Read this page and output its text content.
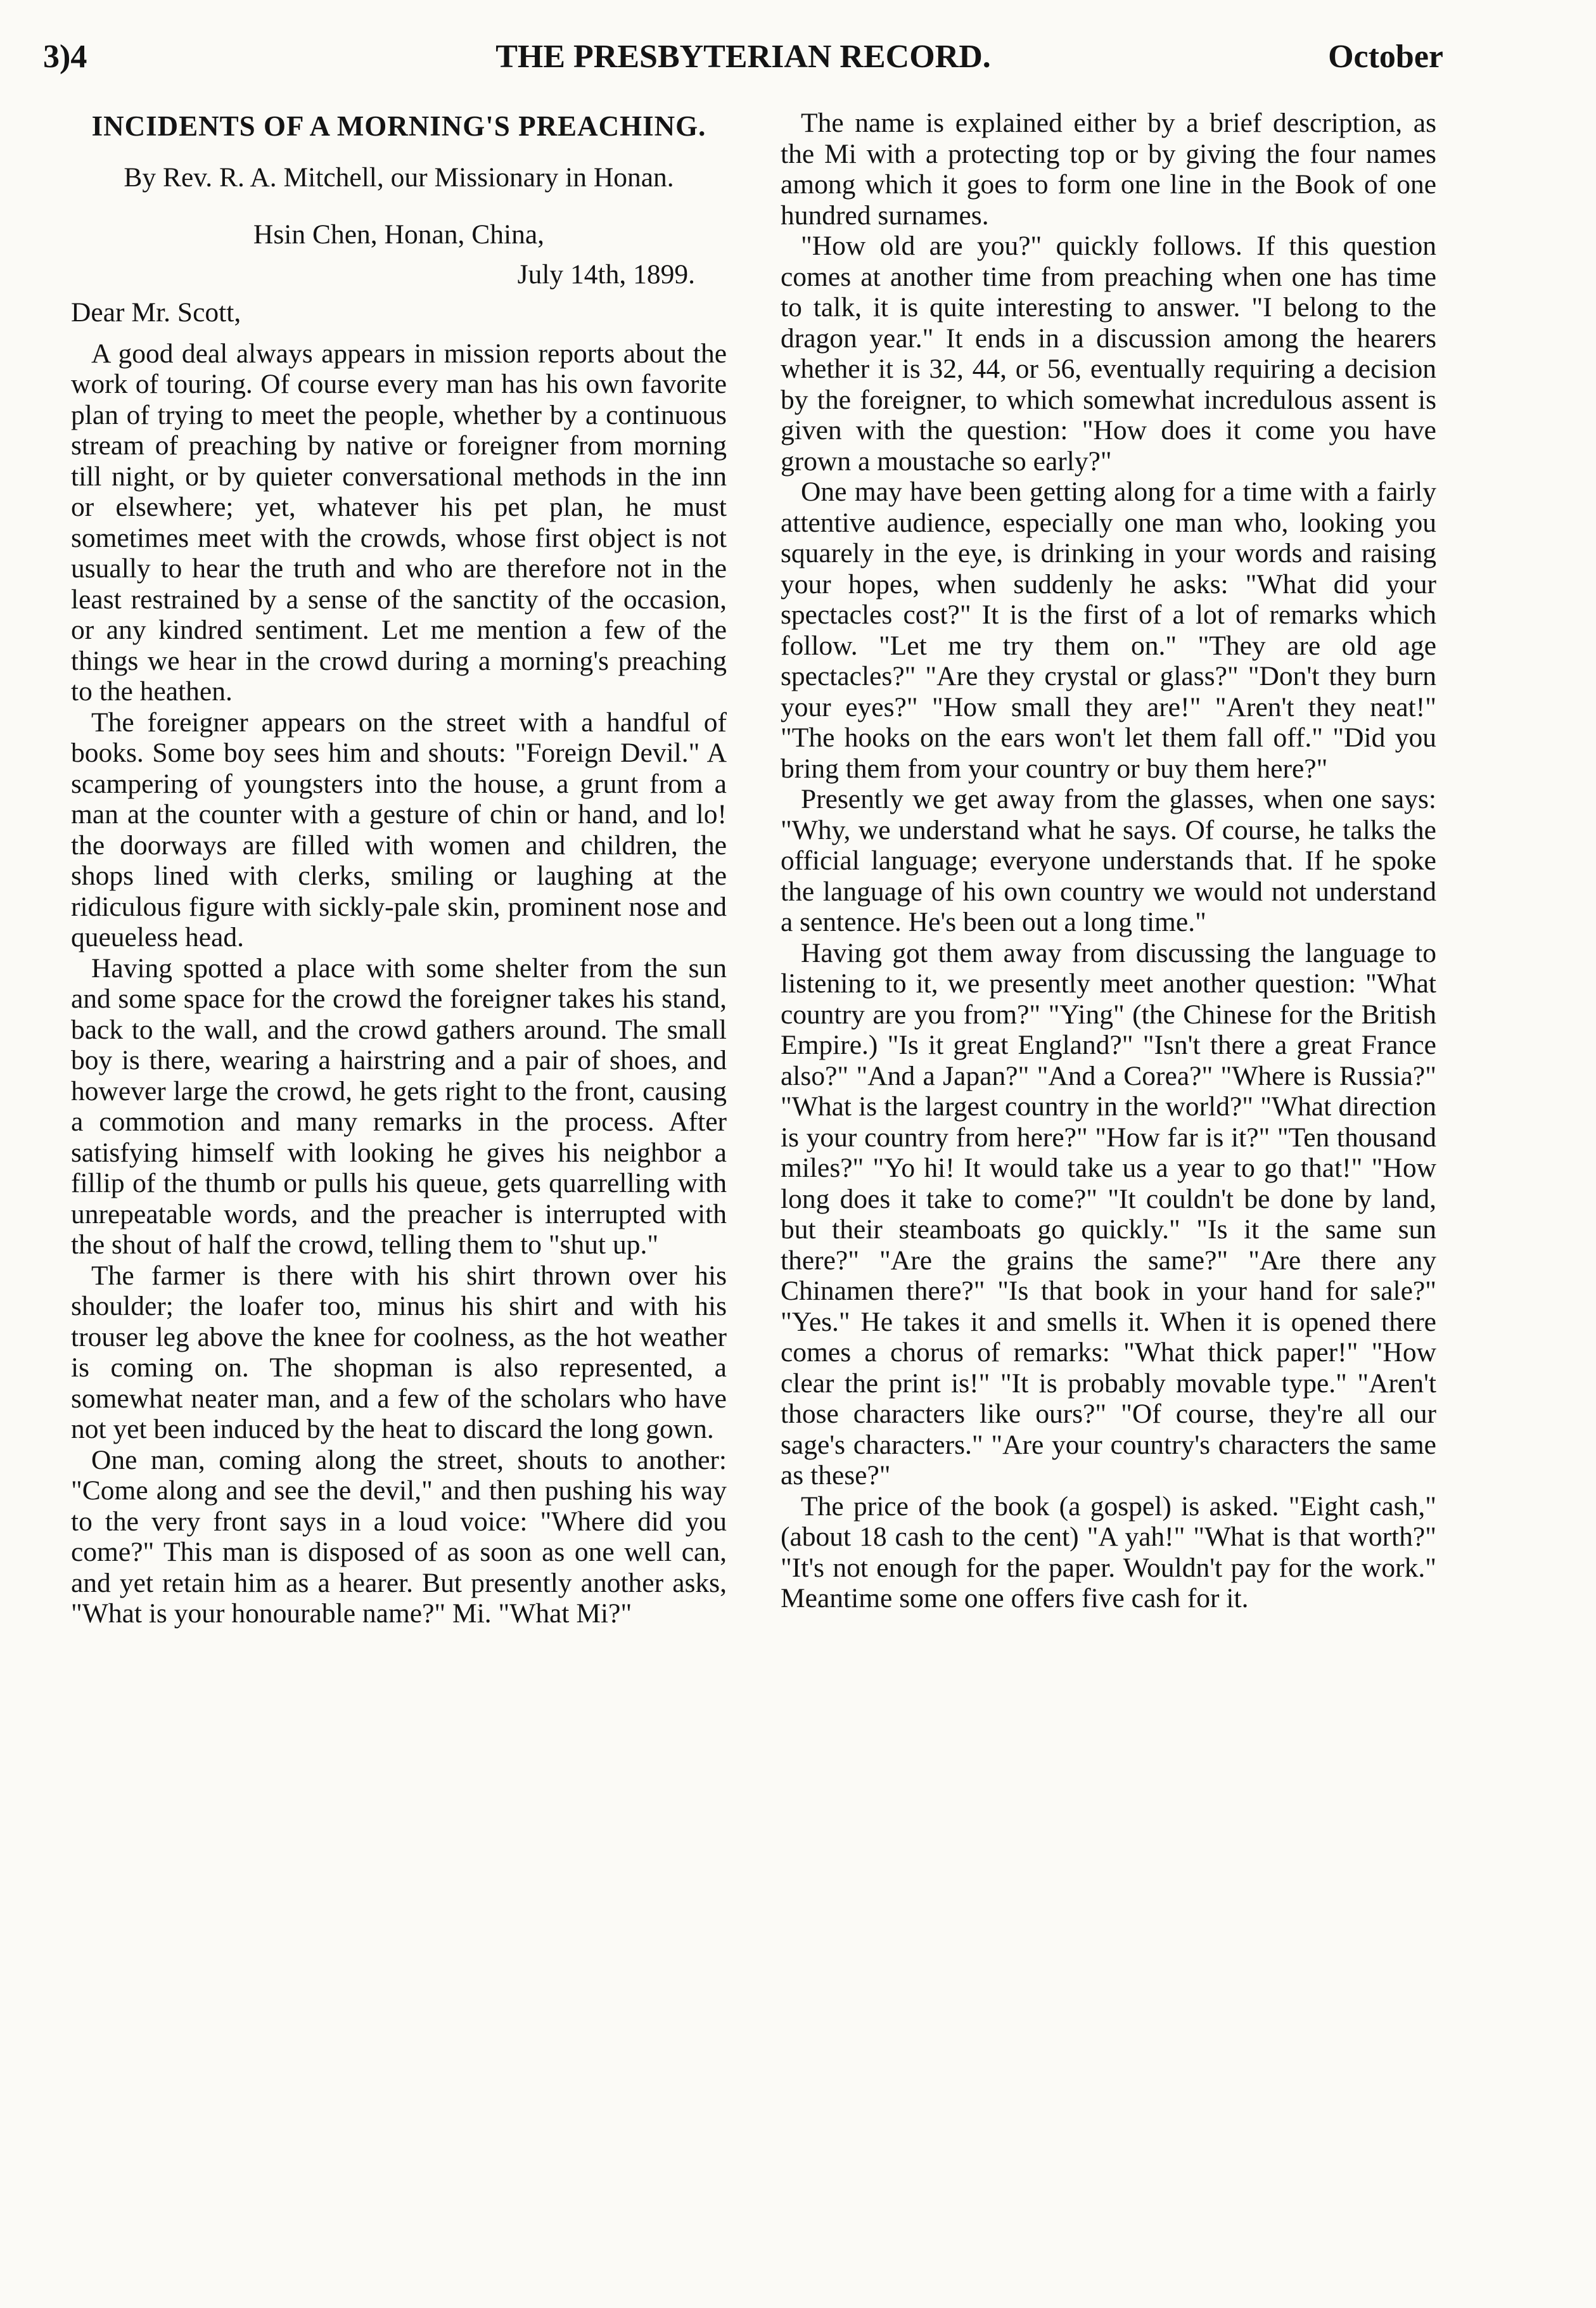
3)4	THE PRESBYTERIAN RECORD.	October
INCIDENTS OF A MORNING'S PREACHING.
By Rev. R. A. Mitchell, our Missionary in Honan.
Hsin Chen, Honan, China,
July 14th, 1899.
Dear Mr. Scott,

A good deal always appears in mission reports about the work of touring. Of course every man has his own favorite plan of trying to meet the people, whether by a continuous stream of preaching by native or foreigner from morning till night, or by quieter conversational methods in the inn or elsewhere; yet, whatever his pet plan, he must sometimes meet with the crowds, whose first object is not usually to hear the truth and who are therefore not in the least restrained by a sense of the sanctity of the occasion, or any kindred sentiment. Let me mention a few of the things we hear in the crowd during a morning's preaching to the heathen.

The foreigner appears on the street with a handful of books. Some boy sees him and shouts: "Foreign Devil." A scampering of youngsters into the house, a grunt from a man at the counter with a gesture of chin or hand, and lo! the doorways are filled with women and children, the shops lined with clerks, smiling or laughing at the ridiculous figure with sickly-pale skin, prominent nose and queueless head.

Having spotted a place with some shelter from the sun and some space for the crowd the foreigner takes his stand, back to the wall, and the crowd gathers around. The small boy is there, wearing a hairstring and a pair of shoes, and however large the crowd, he gets right to the front, causing a commotion and many remarks in the process. After satisfying himself with looking he gives his neighbor a fillip of the thumb or pulls his queue, gets quarrelling with unrepeatable words, and the preacher is interrupted with the shout of half the crowd, telling them to "shut up."

The farmer is there with his shirt thrown over his shoulder; the loafer too, minus his shirt and with his trouser leg above the knee for coolness, as the hot weather is coming on. The shopman is also represented, a somewhat neater man, and a few of the scholars who have not yet been induced by the heat to discard the long gown.

One man, coming along the street, shouts to another: "Come along and see the devil," and then pushing his way to the very front says in a loud voice: "Where did you come?" This man is disposed of as soon as one well can, and yet retain him as a hearer. But presently another asks, "What is your honourable name?" Mi. "What Mi?"

The name is explained either by a brief description, as the Mi with a protecting top or by giving the four names among which it goes to form one line in the Book of one hundred surnames.

"How old are you?" quickly follows. If this question comes at another time from preaching when one has time to talk, it is quite interesting to answer. "I belong to the dragon year." It ends in a discussion among the hearers whether it is 32, 44, or 56, eventually requiring a decision by the foreigner, to which somewhat incredulous assent is given with the question: "How does it come you have grown a moustache so early?"

One may have been getting along for a time with a fairly attentive audience, especially one man who, looking you squarely in the eye, is drinking in your words and raising your hopes, when suddenly he asks: "What did your spectacles cost?" It is the first of a lot of remarks which follow. "Let me try them on." "They are old age spectacles?" "Are they crystal or glass?" "Don't they burn your eyes?" "How small they are!" "Aren't they neat!" "The hooks on the ears won't let them fall off." "Did you bring them from your country or buy them here?"

Presently we get away from the glasses, when one says: "Why, we understand what he says. Of course, he talks the official language; everyone understands that. If he spoke the language of his own country we would not understand a sentence. He's been out a long time."

Having got them away from discussing the language to listening to it, we presently meet another question: "What country are you from?" "Ying" (the Chinese for the British Empire.) "Is it great England?" "Isn't there a great France also?" "And a Japan?" "And a Corea?" "Where is Russia?" "What is the largest country in the world?" "What direction is your country from here?" "How far is it?" "Ten thousand miles?" "Yo hi! It would take us a year to go that!" "How long does it take to come?" "It couldn't be done by land, but their steamboats go quickly." "Is it the same sun there?" "Are the grains the same?" "Are there any Chinamen there?" "Is that book in your hand for sale?" "Yes." He takes it and smells it. When it is opened there comes a chorus of remarks: "What thick paper!" "How clear the print is!" "It is probably movable type." "Aren't those characters like ours?" "Of course, they're all our sage's characters." "Are your country's characters the same as these?"

The price of the book (a gospel) is asked. "Eight cash," (about 18 cash to the cent) "A yah!" "What is that worth?" "It's not enough for the paper. Wouldn't pay for the work." Meantime some one offers five cash for it.
